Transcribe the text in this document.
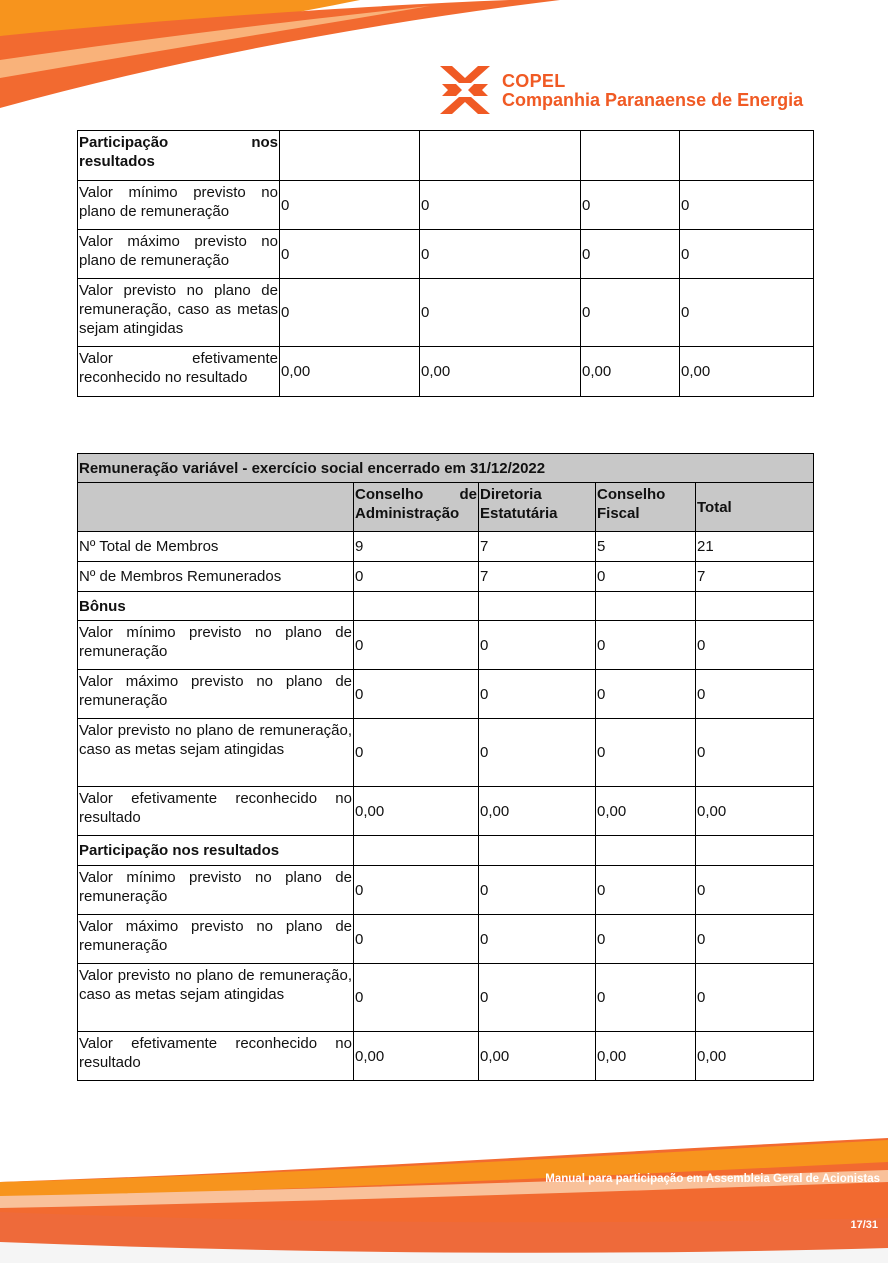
COPEL
Companhia Paranaense de Energia
Participação nos resultados				
Valor mínimo previsto no plano de remuneração	0	0	0	0
Valor máximo previsto no plano de remuneração	0	0	0	0
Valor previsto no plano de remuneração, caso as metas sejam atingidas	0	0	0	0
Valor efetivamente reconhecido no resultado	0,00	0,00	0,00	0,00
Remuneração variável - exercício social encerrado em 31/12/2022				
	Conselho de Administração	Diretoria Estatutária	Conselho Fiscal	Total
Nº Total de Membros	9	7	5	21
Nº de Membros Remunerados	0	7	0	7
Bônus				
Valor mínimo previsto no plano de remuneração	0	0	0	0
Valor máximo previsto no plano de remuneração	0	0	0	0
Valor previsto no plano de remuneração, caso as metas sejam atingidas	0	0	0	0
Valor efetivamente reconhecido no resultado	0,00	0,00	0,00	0,00
Participação nos resultados				
Valor mínimo previsto no plano de remuneração	0	0	0	0
Valor máximo previsto no plano de remuneração	0	0	0	0
Valor previsto no plano de remuneração, caso as metas sejam atingidas	0	0	0	0
Valor efetivamente reconhecido no resultado	0,00	0,00	0,00	0,00
Manual para participação em Assembleia Geral de Acionistas
17/31
